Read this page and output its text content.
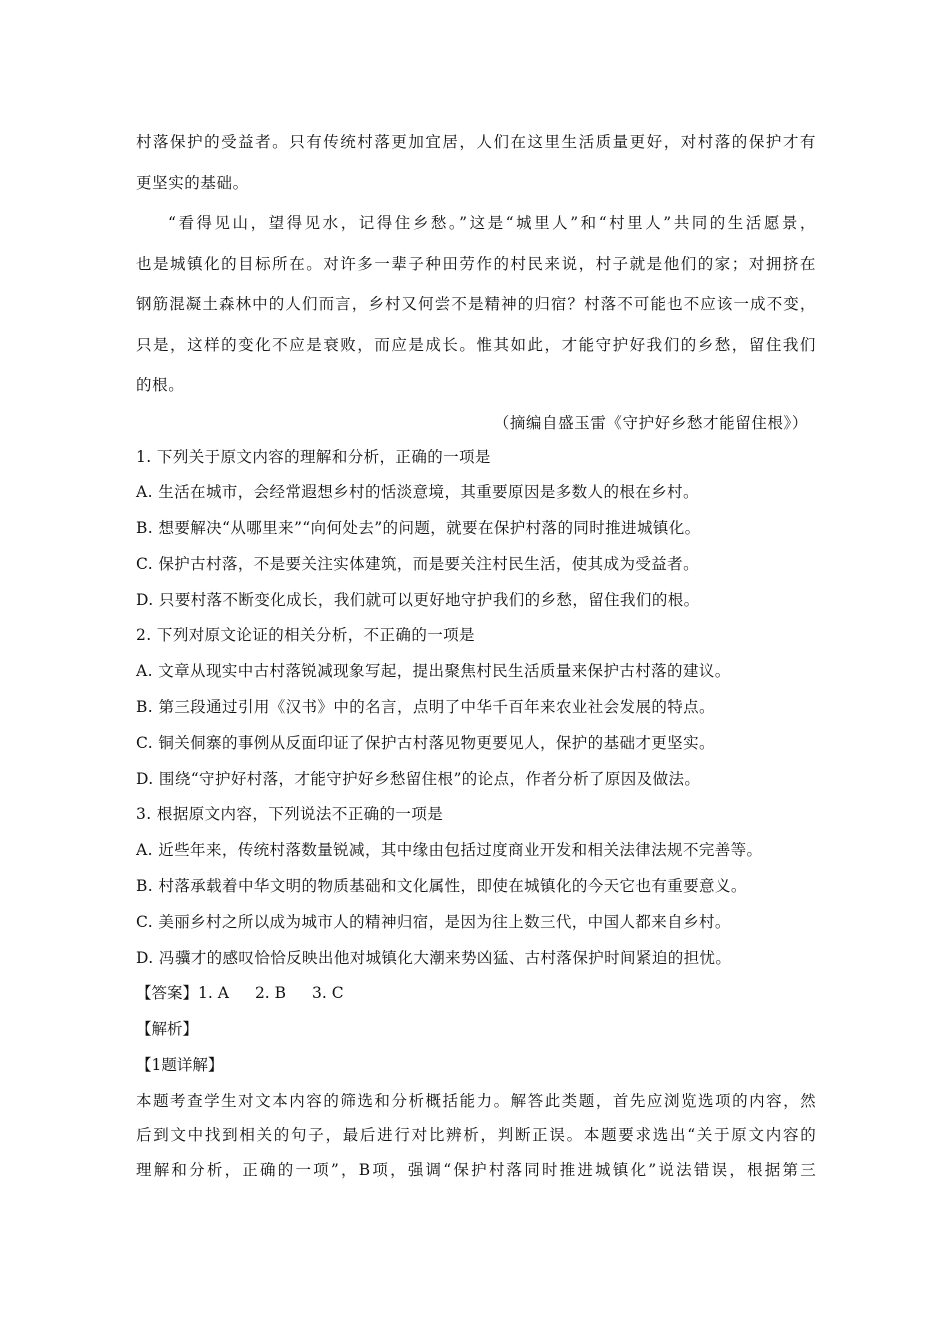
村落保护的受益者。只有传统村落更加宜居，人们在这里生活质量更好，对村落的保护才有
更坚实的基础。
“看得见山，望得见水，记得住乡愁。”这是“城里人”和“村里人”共同的生活愿景，
也是城镇化的目标所在。对许多一辈子种田劳作的村民来说，村子就是他们的家；对拥挤在
钢筋混凝土森林中的人们而言，乡村又何尝不是精神的归宿？村落不可能也不应该一成不变，
只是，这样的变化不应是衰败，而应是成长。惟其如此，才能守护好我们的乡愁，留住我们
的根。
（摘编自盛玉雷《守护好乡愁才能留住根》）
1. 下列关于原文内容的理解和分析，正确的一项是
A. 生活在城市，会经常遐想乡村的恬淡意境，其重要原因是多数人的根在乡村。
B. 想要解决“从哪里来”“向何处去”的问题，就要在保护村落的同时推进城镇化。
C. 保护古村落，不是要关注实体建筑，而是要关注村民生活，使其成为受益者。
D. 只要村落不断变化成长，我们就可以更好地守护我们的乡愁，留住我们的根。
2. 下列对原文论证的相关分析，不正确的一项是
A. 文章从现实中古村落锐减现象写起，提出聚焦村民生活质量来保护古村落的建议。
B. 第三段通过引用《汉书》中的名言，点明了中华千百年来农业社会发展的特点。
C. 铜关侗寨的事例从反面印证了保护古村落见物更要见人，保护的基础才更坚实。
D. 围绕“守护好村落，才能守护好乡愁留住根”的论点，作者分析了原因及做法。
3. 根据原文内容，下列说法不正确的一项是
A. 近些年来，传统村落数量锐减，其中缘由包括过度商业开发和相关法律法规不完善等。
B. 村落承载着中华文明的物质基础和文化属性，即使在城镇化的今天它也有重要意义。
C. 美丽乡村之所以成为城市人的精神归宿，是因为往上数三代，中国人都来自乡村。
D. 冯骥才的感叹恰恰反映出他对城镇化大潮来势凶猛、古村落保护时间紧迫的担忧。
【答案】1. A 2. B 3. C
【解析】
【1题详解】
本题考查学生对文本内容的筛选和分析概括能力。解答此类题，首先应浏览选项的内容，然
后到文中找到相关的句子，最后进行对比辨析，判断正误。本题要求选出“关于原文内容的
理解和分析，正确的一项”，B项，强调“保护村落同时推进城镇化”说法错误，根据第三
